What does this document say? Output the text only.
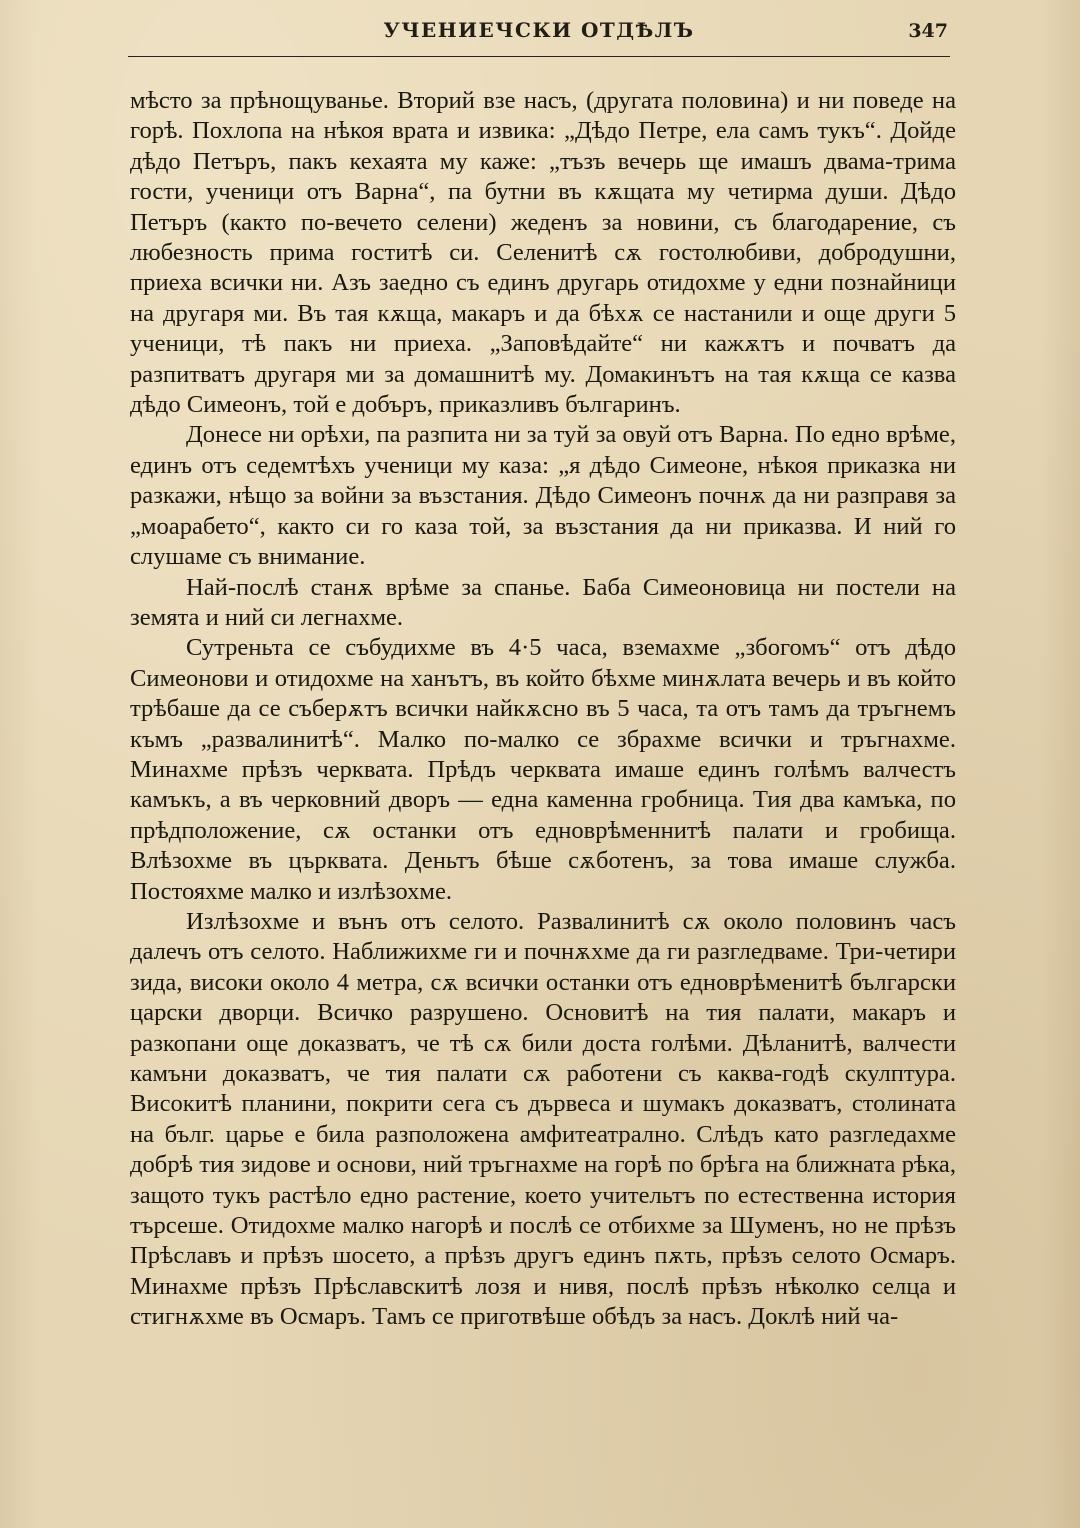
УЧЕНИЕЧСКИ ОТДѢЛЪ	347

мѣсто за прѣнощуванье. Вторий взе насъ, (другата половина) и ни поведе на горѣ. Похлопа на нѣкоя врата и извика: „Дѣдо Петре, ела самъ тукъ“. Дойде дѣдо Петъръ, пакъ кехаята му каже: „тъзъ вечерь ще имашъ двама-трима гости, ученици отъ Варна“, па бутни въ кѫщата му четирма души. Дѣдо Петъръ (както по-вечето селени) жеденъ за новини, съ благодарение, съ любезность прима гоститѣ си. Селенитѣ сѫ гостолюбиви, добродушни, приеха всички ни. Азъ заедно съ единъ другарь отидохме у едни познайници на другаря ми. Въ тая кѫща, макаръ и да бѣхѫ се настанили и още други 5 ученици, тѣ пакъ ни приеха. „Заповѣдайте“ ни кажѫтъ и почватъ да разпитватъ другаря ми за домашнитѣ му. Домакинътъ на тая кѫща се казва дѣдо Симеонъ, той е добъръ, приказливъ българинъ.

Донесе ни орѣхи, па разпита ни за туй за овуй отъ Варна. По едно врѣме, единъ отъ седемтѣхъ ученици му каза: „я дѣдо Симеоне, нѣкоя приказка ни разкажи, нѣщо за войни за възстания. Дѣдо Симеонъ почнѫ да ни разправя за „моарабето“, както си го каза той, за възстания да ни приказва. И ний го слушаме съ внимание.

Най-послѣ станѫ врѣме за спанье. Баба Симеоновица ни постели на земята и ний си легнахме.

Сутреньта се събудихме въ 4·5 часа, вземахме „збогомъ“ отъ дѣдо Симеонови и отидохме на ханътъ, въ който бѣхме минѫлата вечерь и въ който трѣбаше да се съберѫтъ всички найкѫсно въ 5 часа, та отъ тамъ да тръгнемъ къмъ „развалинитѣ“. Малко по-малко се збрахме всички и тръгнахме. Минахме прѣзъ черквата. Прѣдъ черквата имаше единъ голѣмъ валчестъ камъкъ, а въ черковний дворъ — една каменна гробница. Тия два камъка, по прѣдположение, сѫ останки отъ едноврѣменнитѣ палати и гробища. Влѣзохме въ църквата. Деньтъ бѣше сѫботенъ, за това имаше служба. Постояхме малко и излѣзохме.

Излѣзохме и вънъ отъ селото. Развалинитѣ сѫ около половинъ часъ далечъ отъ селото. Наближихме ги и почнѫхме да ги разгледваме. Три-четири зида, високи около 4 метра, сѫ всички останки отъ едноврѣменитѣ български царски дворци. Всичко разрушено. Основитѣ на тия палати, макаръ и разкопани още доказватъ, че тѣ сѫ били доста голѣми. Дѣланитѣ, валчести камъни доказватъ, че тия палати сѫ работени съ каква-годѣ скулптура. Високитѣ планини, покрити сега съ дървеса и шумакъ доказватъ, столината на бълг. царье е била разположена амфитеатрално. Слѣдъ като разгледахме добрѣ тия зидове и основи, ний тръгнахме на горѣ по брѣга на ближната рѣка, защото тукъ растѣло едно растение, което учительтъ по естественна история търсеше. Отидохме малко нагорѣ и послѣ се отбихме за Шуменъ, но не прѣзъ Прѣславъ и прѣзъ шосето, а прѣзъ другъ единъ пѫть, прѣзъ селото Осмаръ. Минахме прѣзъ Прѣславскитѣ лозя и нивя, послѣ прѣзъ нѣколко селца и стигнѫхме въ Осмаръ. Тамъ се приготвѣше обѣдъ за насъ. Доклѣ ний ча-
